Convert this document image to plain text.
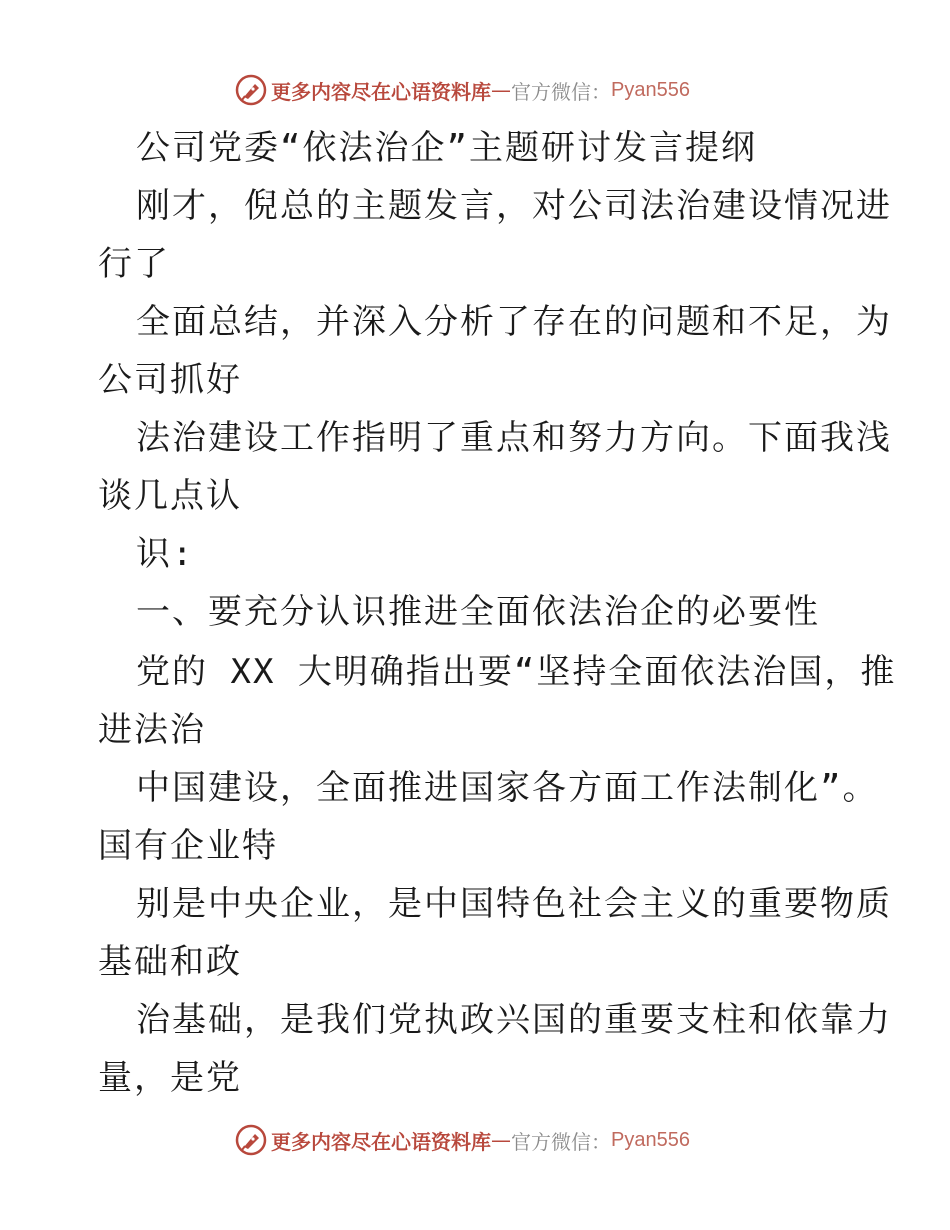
更多内容尽在心语资料库 — 官方微信： Pyan556
公司党委“依法治企”主题研讨发言提纲
刚才，倪总的主题发言，对公司法治建设情况进
行了
全面总结，并深入分析了存在的问题和不足，为
公司抓好
法治建设工作指明了重点和努力方向。下面我浅
谈几点认
识:
一、要充分认识推进全面依法治企的必要性
党的 XX 大明确指出要“坚持全面依法治国，推
进法治
中国建设，全面推进国家各方面工作法制化”。
国有企业特
别是中央企业，是中国特色社会主义的重要物质
基础和政
治基础，是我们党执政兴国的重要支柱和依靠力
量，是党
更多内容尽在心语资料库 — 官方微信： Pyan556
